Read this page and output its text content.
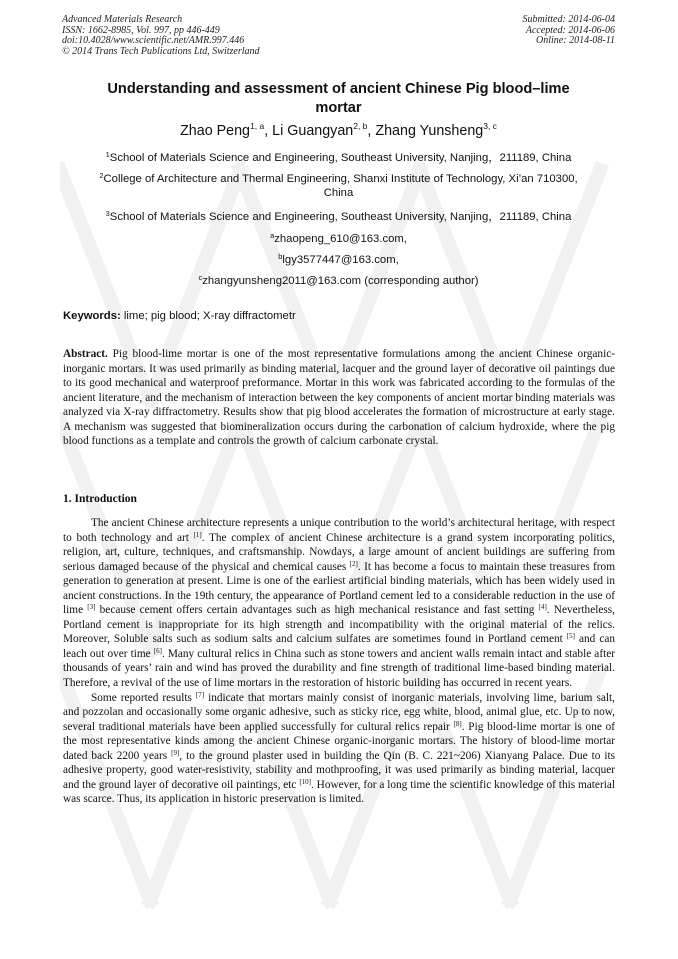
Advanced Materials Research
ISSN: 1662-8985, Vol. 997, pp 446-449
doi:10.4028/www.scientific.net/AMR.997.446
© 2014 Trans Tech Publications Ltd, Switzerland
Submitted: 2014-06-04
Accepted: 2014-06-06
Online: 2014-08-11
Understanding and assessment of ancient Chinese Pig blood–lime
mortar
Zhao Peng$^{1, a}$, Li Guangyan$^{2, b}$, Zhang Yunsheng$^{3, c}$
$^1$School of Materials Science and Engineering, Southeast University, Nanjing，211189, China
$^2$College of Architecture and Thermal Engineering, Shanxi Institute of Technology, Xi’an 710300,
China
$^3$School of Materials Science and Engineering, Southeast University, Nanjing，211189, China
$^a$zhaopeng_610@163.com,
$^b$lgy3577447@163.com,
$^c$zhangyunsheng2011@163.com (corresponding author)
Keywords: lime; pig blood; X-ray diffractometr
Abstract. Pig blood-lime mortar is one of the most representative formulations among the ancient Chinese organic-inorganic mortars. It was used primarily as binding material, lacquer and the ground layer of decorative oil paintings due to its good mechanical and waterproof preformance. Mortar in this work was fabricated according to the formulas of the ancient literature, and the mechanism of interaction between the key components of ancient mortar binding materials was analyzed via X-ray diffractometry. Results show that pig blood accelerates the formation of microstructure at early stage. A mechanism was suggested that biomineralization occurs during the carbonation of calcium hydroxide, where the pig blood functions as a template and controls the growth of calcium carbonate crystal.
1. Introduction

The ancient Chinese architecture represents a unique contribution to the world’s architectural heritage, with respect to both technology and art [1]. The complex of ancient Chinese architecture is a grand system incorporating politics, religion, art, culture, techniques, and craftsmanship. Nowdays, a large amount of ancient buildings are suffering from serious damaged because of the physical and chemical causes [2]. It has become a focus to maintain these treasures from generation to generation at present. Lime is one of the earliest artificial binding materials, which has been widely used in ancient constructions. In the 19th century, the appearance of Portland cement led to a considerable reduction in the use of lime [3] because cement offers certain advantages such as high mechanical resistance and fast setting [4]. Nevertheless, Portland cement is inappropriate for its high strength and incompatibility with the original material of the relics. Moreover, Soluble salts such as sodium salts and calcium sulfates are sometimes found in Portland cement [5] and can leach out over time [6]. Many cultural relics in China such as stone towers and ancient walls remain intact and stable after thousands of years’ rain and wind has proved the durability and fine strength of traditional lime-based binding material. Therefore, a revival of the use of lime mortars in the restoration of historic building has occurred in recent years.

Some reported results [7] indicate that mortars mainly consist of inorganic materials, involving lime, barium salt, and pozzolan and occasionally some organic adhesive, such as sticky rice, egg white, blood, animal glue, etc. Up to now, several traditional materials have been applied successfully for cultural relics repair [8]. Pig blood-lime mortar is one of the most representative kinds among the ancient Chinese organic-inorganic mortars. The history of blood-lime mortar dated back 2200 years [9], to the ground plaster used in building the Qin (B. C. 221~206) Xianyang Palace. Due to its adhesive property, good water-resistivity, stability and mothproofing, it was used primarily as binding material, lacquer and the ground layer of decorative oil paintings, etc [10]. However, for a long time the scientific knowledge of this material was scarce. Thus, its application in historic preservation is limited.
